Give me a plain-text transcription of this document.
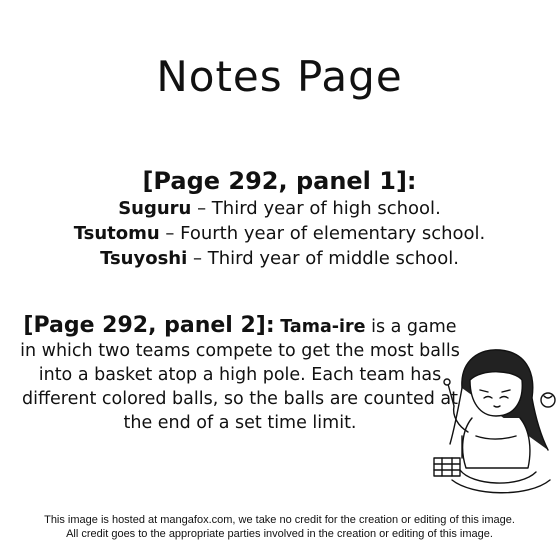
Notes Page
[Page 292, panel 1]:
Suguru – Third year of high school.
Tsutomu – Fourth year of elementary school.
Tsuyoshi – Third year of middle school.
[Page 292, panel 2]: Tama-ire is a game in which two teams compete to get the most balls into a basket atop a high pole. Each team has different colored balls, so the balls are counted at the end of a set time limit.
This image is hosted at mangafox.com, we take no credit for the creation or editing of this image.
All credit goes to the appropriate parties involved in the creation or editing of this image.
